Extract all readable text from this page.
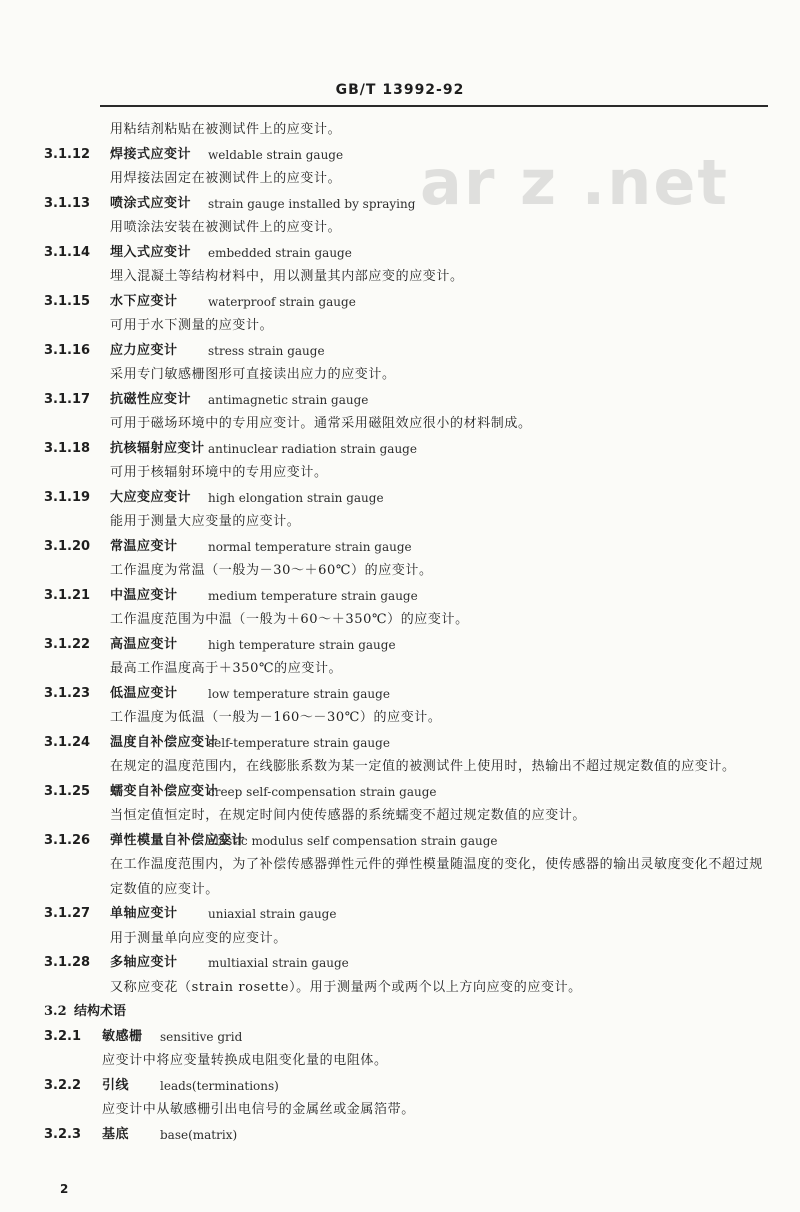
GB/T 13992-92
ar z .net
用粘结剂粘贴在被测试件上的应变计。
3.1.12 焊接式应变计 weldable strain gauge
用焊接法固定在被测试件上的应变计。
3.1.13 喷涂式应变计 strain gauge installed by spraying
用喷涂法安装在被测试件上的应变计。
3.1.14 埋入式应变计 embedded strain gauge
埋入混凝土等结构材料中，用以测量其内部应变的应变计。
3.1.15 水下应变计	waterproof strain gauge
可用于水下测量的应变计。
3.1.16 应力应变计	stress strain gauge
采用专门敏感栅图形可直接读出应力的应变计。
3.1.17 抗磁性应变计 antimagnetic strain gauge
可用于磁场环境中的专用应变计。通常采用磁阻效应很小的材料制成。
3.1.18 抗核辐射应变计 antinuclear radiation strain gauge
可用于核辐射环境中的专用应变计。
3.1.19 大应变应变计 high elongation strain gauge
能用于测量大应变量的应变计。
3.1.20 常温应变计	normal temperature strain gauge
工作温度为常温（一般为－30～＋60℃）的应变计。
3.1.21 中温应变计	medium temperature strain gauge
工作温度范围为中温（一般为＋60～＋350℃）的应变计。
3.1.22 高温应变计	high temperature strain gauge
最高工作温度高于＋350℃的应变计。
3.1.23 低温应变计	low temperature strain gauge
工作温度为低温（一般为－160～－30℃）的应变计。
3.1.24 温度自补偿应变计
self-temperature strain gauge
在规定的温度范围内，在线膨胀系数为某一定值的被测试件上使用时，热输出不超过规定数值的应变计。
3.1.25 蠕变自补偿应变计
creep self-compensation strain gauge
当恒定值恒定时，在规定时间内使传感器的系统蠕变不超过规定数值的应变计。
3.1.26 弹性模量自补偿应变计
elastic modulus self compensation strain gauge
在工作温度范围内，为了补偿传感器弹性元件的弹性模量随温度的变化，使传感器的输出灵敏度变化不超过规定数值的应变计。
3.1.27 单轴应变计	uniaxial strain gauge
用于测量单向应变的应变计。
3.1.28 多轴应变计	multiaxial strain gauge
又称应变花（strain rosette）。用于测量两个或两个以上方向应变的应变计。
3.2 结构术语
3.2.1 敏感栅 sensitive grid
应变计中将应变量转换成电阻变化量的电阻体。
3.2.2 引线	leads(terminations)
应变计中从敏感栅引出电信号的金属丝或金属箔带。
3.2.3 基底	base(matrix)
2
